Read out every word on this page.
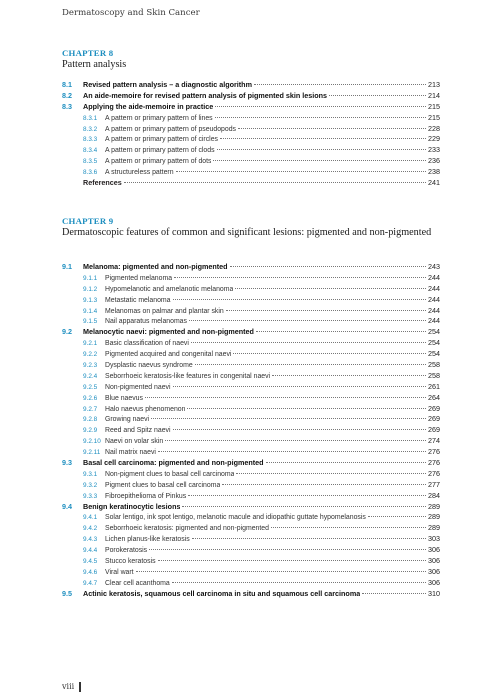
Dermatoscopy and Skin Cancer
CHAPTER 8
Pattern analysis
8.1	Revised pattern analysis – a diagnostic algorithm	213
8.2	An aide-memoire for revised pattern analysis of pigmented skin lesions	214
8.3	Applying the aide-memoire in practice	215
8.3.1	A pattern or primary pattern of lines	215
8.3.2	A pattern or primary pattern of pseudopods	228
8.3.3	A pattern or primary pattern of circles	229
8.3.4	A pattern or primary pattern of clods	233
8.3.5	A pattern or primary pattern of dots	236
8.3.6	A structureless pattern	238
References	241
CHAPTER 9
Dermatoscopic features of common and significant lesions: pigmented and non-pigmented
9.1	Melanoma: pigmented and non-pigmented	243
9.1.1	Pigmented melanoma	244
9.1.2	Hypomelanotic and amelanotic melanoma	244
9.1.3	Metastatic melanoma	244
9.1.4	Melanomas on palmar and plantar skin	244
9.1.5	Nail apparatus melanomas	244
9.2	Melanocytic naevi: pigmented and non-pigmented	254
9.2.1	Basic classification of naevi	254
9.2.2	Pigmented acquired and congenital naevi	254
9.2.3	Dysplastic naevus syndrome	258
9.2.4	Seborrhoeic keratosis-like features in congenital naevi	258
9.2.5	Non-pigmented naevi	261
9.2.6	Blue naevus	264
9.2.7	Halo naevus phenomenon	269
9.2.8	Growing naevi	269
9.2.9	Reed and Spitz naevi	269
9.2.10 Naevi on volar skin	274
9.2.11 Nail matrix naevi	276
9.3	Basal cell carcinoma: pigmented and non-pigmented	276
9.3.1	Non-pigment clues to basal cell carcinoma	276
9.3.2	Pigment clues to basal cell carcinoma	277
9.3.3	Fibroepithelioma of Pinkus	284
9.4	Benign keratinocytic lesions	289
9.4.1	Solar lentigo, ink spot lentigo, melanotic macule and idiopathic guttate hypomelanosis	289
9.4.2	Seborrhoeic keratosis: pigmented and non-pigmented	289
9.4.3	Lichen planus-like keratosis	303
9.4.4	Porokeratosis	306
9.4.5	Stucco keratosis	306
9.4.6	Viral wart	306
9.4.7	Clear cell acanthoma	306
9.5	Actinic keratosis, squamous cell carcinoma in situ and squamous cell carcinoma	310
viii
